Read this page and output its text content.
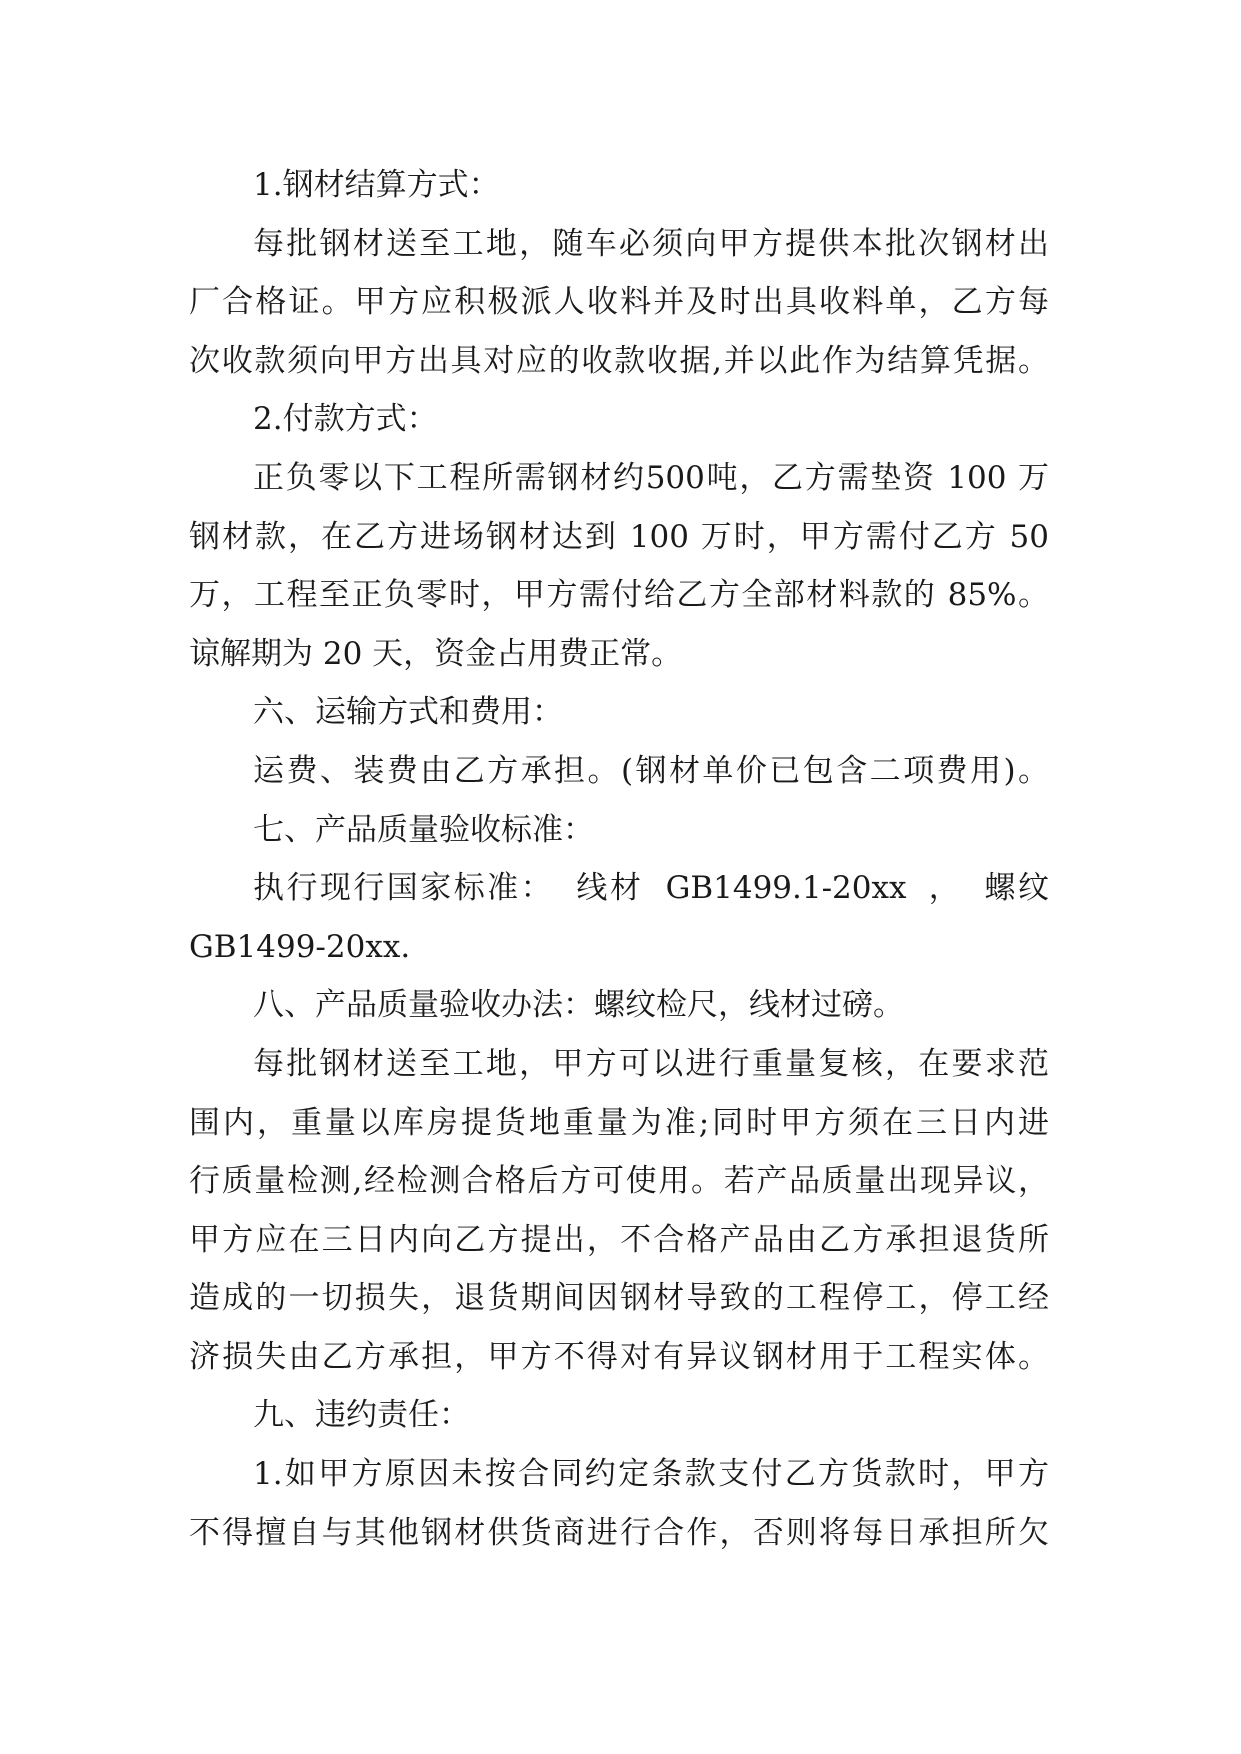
1.钢材结算方式：
每批钢材送至工地，随车必须向甲方提供本批次钢材出
厂合格证。甲方应积极派人收料并及时出具收料单，乙方每
次收款须向甲方出具对应的收款收据,并以此作为结算凭据。
2.付款方式：
正负零以下工程所需钢材约500吨，乙方需垫资 100 万
钢材款，在乙方进场钢材达到 100 万时，甲方需付乙方 50
万，工程至正负零时，甲方需付给乙方全部材料款的 85%。
谅解期为 20 天，资金占用费正常。
六、运输方式和费用：
运费、装费由乙方承担。(钢材单价已包含二项费用)。
七、产品质量验收标准：
执行现行国家标准： 线材 GB1499.1-20xx ， 螺纹
GB1499-20xx.
八、产品质量验收办法：螺纹检尺，线材过磅。
每批钢材送至工地，甲方可以进行重量复核，在要求范
围内，重量以库房提货地重量为准;同时甲方须在三日内进
行质量检测,经检测合格后方可使用。若产品质量出现异议，
甲方应在三日内向乙方提出，不合格产品由乙方承担退货所
造成的一切损失，退货期间因钢材导致的工程停工，停工经
济损失由乙方承担，甲方不得对有异议钢材用于工程实体。
九、违约责任：
1.如甲方原因未按合同约定条款支付乙方货款时，甲方
不得擅自与其他钢材供货商进行合作，否则将每日承担所欠
